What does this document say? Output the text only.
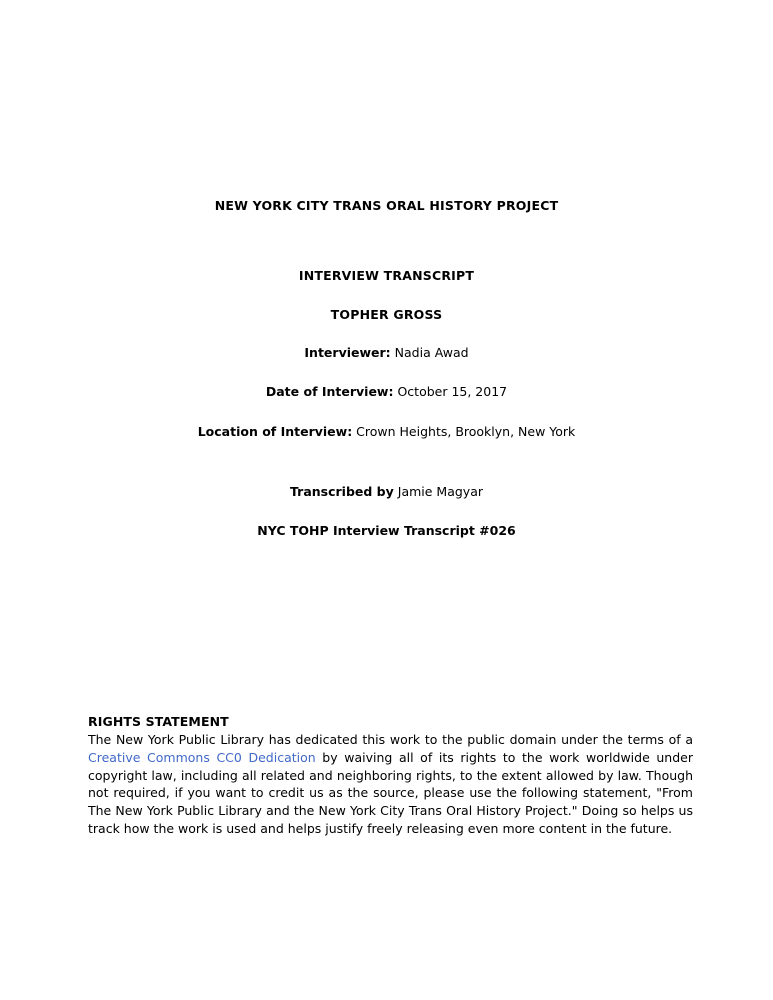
NEW YORK CITY TRANS ORAL HISTORY PROJECT
INTERVIEW TRANSCRIPT
TOPHER GROSS
Interviewer: Nadia Awad
Date of Interview: October 15, 2017
Location of Interview: Crown Heights, Brooklyn, New York
Transcribed by Jamie Magyar
NYC TOHP Interview Transcript #026
RIGHTS STATEMENT
The New York Public Library has dedicated this work to the public domain under the terms of a Creative Commons CC0 Dedication by waiving all of its rights to the work worldwide under copyright law, including all related and neighboring rights, to the extent allowed by law. Though not required, if you want to credit us as the source, please use the following statement, "From The New York Public Library and the New York City Trans Oral History Project." Doing so helps us track how the work is used and helps justify freely releasing even more content in the future.
